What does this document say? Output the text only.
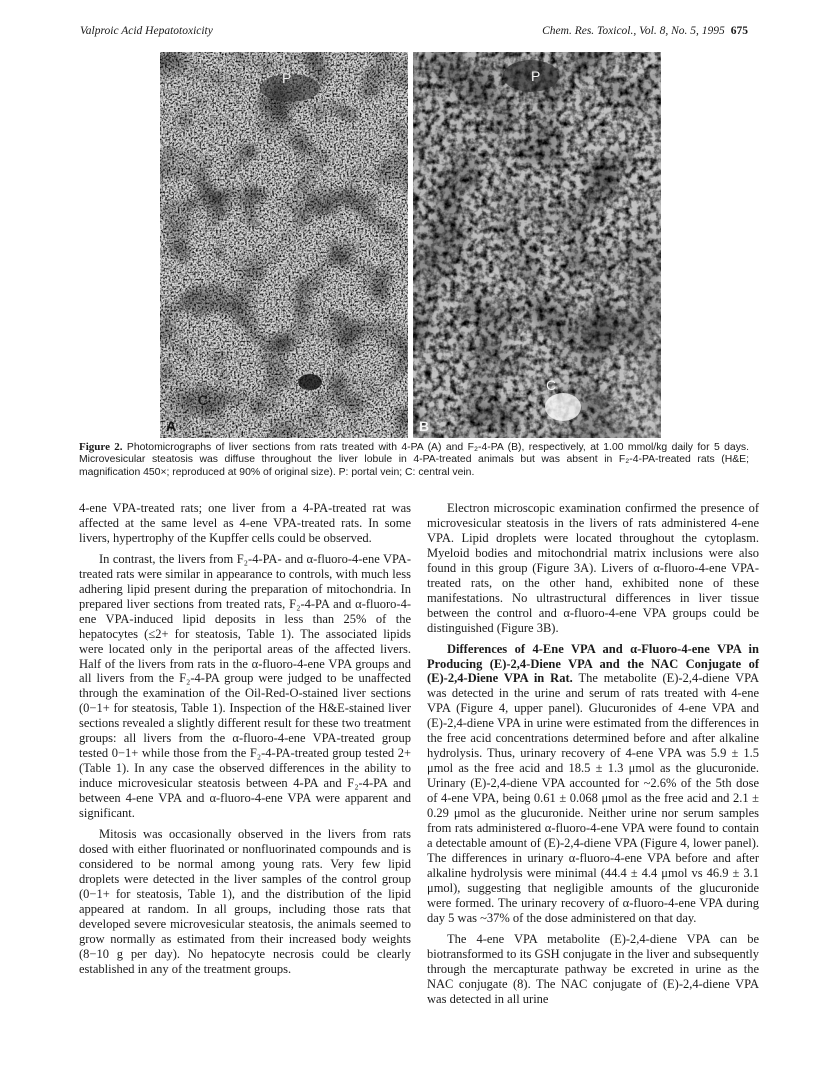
Valproic Acid Hepatotoxicity	Chem. Res. Toxicol., Vol. 8, No. 5, 1995 675
P
C
A
P
C
B
Figure 2. Photomicrographs of liver sections from rats treated with 4-PA (A) and F₂-4-PA (B), respectively, at 1.00 mmol/kg daily for 5 days. Microvesicular steatosis was diffuse throughout the liver lobule in 4-PA-treated animals but was absent in F₂-4-PA-treated rats (H&E; magnification 450×; reproduced at 90% of original size). P: portal vein; C: central vein.

4-ene VPA-treated rats; one liver from a 4-PA-treated rat was affected at the same level as 4-ene VPA-treated rats. In some livers, hypertrophy of the Kupffer cells could be observed.

In contrast, the livers from F₂-4-PA- and α-fluoro-4-ene VPA-treated rats were similar in appearance to controls, with much less adhering lipid present during the preparation of mitochondria. In prepared liver sections from treated rats, F₂-4-PA and α-fluoro-4-ene VPA-induced lipid deposits in less than 25% of the hepatocytes (≤2+ for steatosis, Table 1). The associated lipids were located only in the periportal areas of the affected livers. Half of the livers from rats in the α-fluoro-4-ene VPA groups and all livers from the F₂-4-PA group were judged to be unaffected through the examination of the Oil-Red-O-stained liver sections (0−1+ for steatosis, Table 1). Inspection of the H&E-stained liver sections revealed a slightly different result for these two treatment groups: all livers from the α-fluoro-4-ene VPA-treated group tested 0−1+ while those from the F₂-4-PA-treated group tested 2+ (Table 1). In any case the observed differences in the ability to induce microvesicular steatosis between 4-PA and F₂-4-PA and between 4-ene VPA and α-fluoro-4-ene VPA were apparent and significant.

Mitosis was occasionally observed in the livers from rats dosed with either fluorinated or nonfluorinated compounds and is considered to be normal among young rats. Very few lipid droplets were detected in the liver samples of the control group (0−1+ for steatosis, Table 1), and the distribution of the lipid appeared at random. In all groups, including those rats that developed severe microvesicular steatosis, the animals seemed to grow normally as estimated from their increased body weights (8−10 g per day). No hepatocyte necrosis could be clearly established in any of the treatment groups.

Electron microscopic examination confirmed the presence of microvesicular steatosis in the livers of rats administered 4-ene VPA. Lipid droplets were located throughout the cytoplasm. Myeloid bodies and mitochondrial matrix inclusions were also found in this group (Figure 3A). Livers of α-fluoro-4-ene VPA-treated rats, on the other hand, exhibited none of these manifestations. No ultrastructural differences in liver tissue between the control and α-fluoro-4-ene VPA groups could be distinguished (Figure 3B).

Differences of 4-Ene VPA and α-Fluoro-4-ene VPA in Producing (E)-2,4-Diene VPA and the NAC Conjugate of (E)-2,4-Diene VPA in Rat. The metabolite (E)-2,4-diene VPA was detected in the urine and serum of rats treated with 4-ene VPA (Figure 4, upper panel). Glucuronides of 4-ene VPA and (E)-2,4-diene VPA in urine were estimated from the differences in the free acid concentrations determined before and after alkaline hydrolysis. Thus, urinary recovery of 4-ene VPA was 5.9 ± 1.5 μmol as the free acid and 18.5 ± 1.3 μmol as the glucuronide. Urinary (E)-2,4-diene VPA accounted for ~2.6% of the 5th dose of 4-ene VPA, being 0.61 ± 0.068 μmol as the free acid and 2.1 ± 0.29 μmol as the glucuronide. Neither urine nor serum samples from rats administered α-fluoro-4-ene VPA were found to contain a detectable amount of (E)-2,4-diene VPA (Figure 4, lower panel). The differences in urinary α-fluoro-4-ene VPA before and after alkaline hydrolysis were minimal (44.4 ± 4.4 μmol vs 46.9 ± 3.1 μmol), suggesting that negligible amounts of the glucuronide were formed. The urinary recovery of α-fluoro-4-ene VPA during day 5 was ~37% of the dose administered on that day.

The 4-ene VPA metabolite (E)-2,4-diene VPA can be biotransformed to its GSH conjugate in the liver and subsequently through the mercapturate pathway be excreted in urine as the NAC conjugate (8). The NAC conjugate of (E)-2,4-diene VPA was detected in all urine
